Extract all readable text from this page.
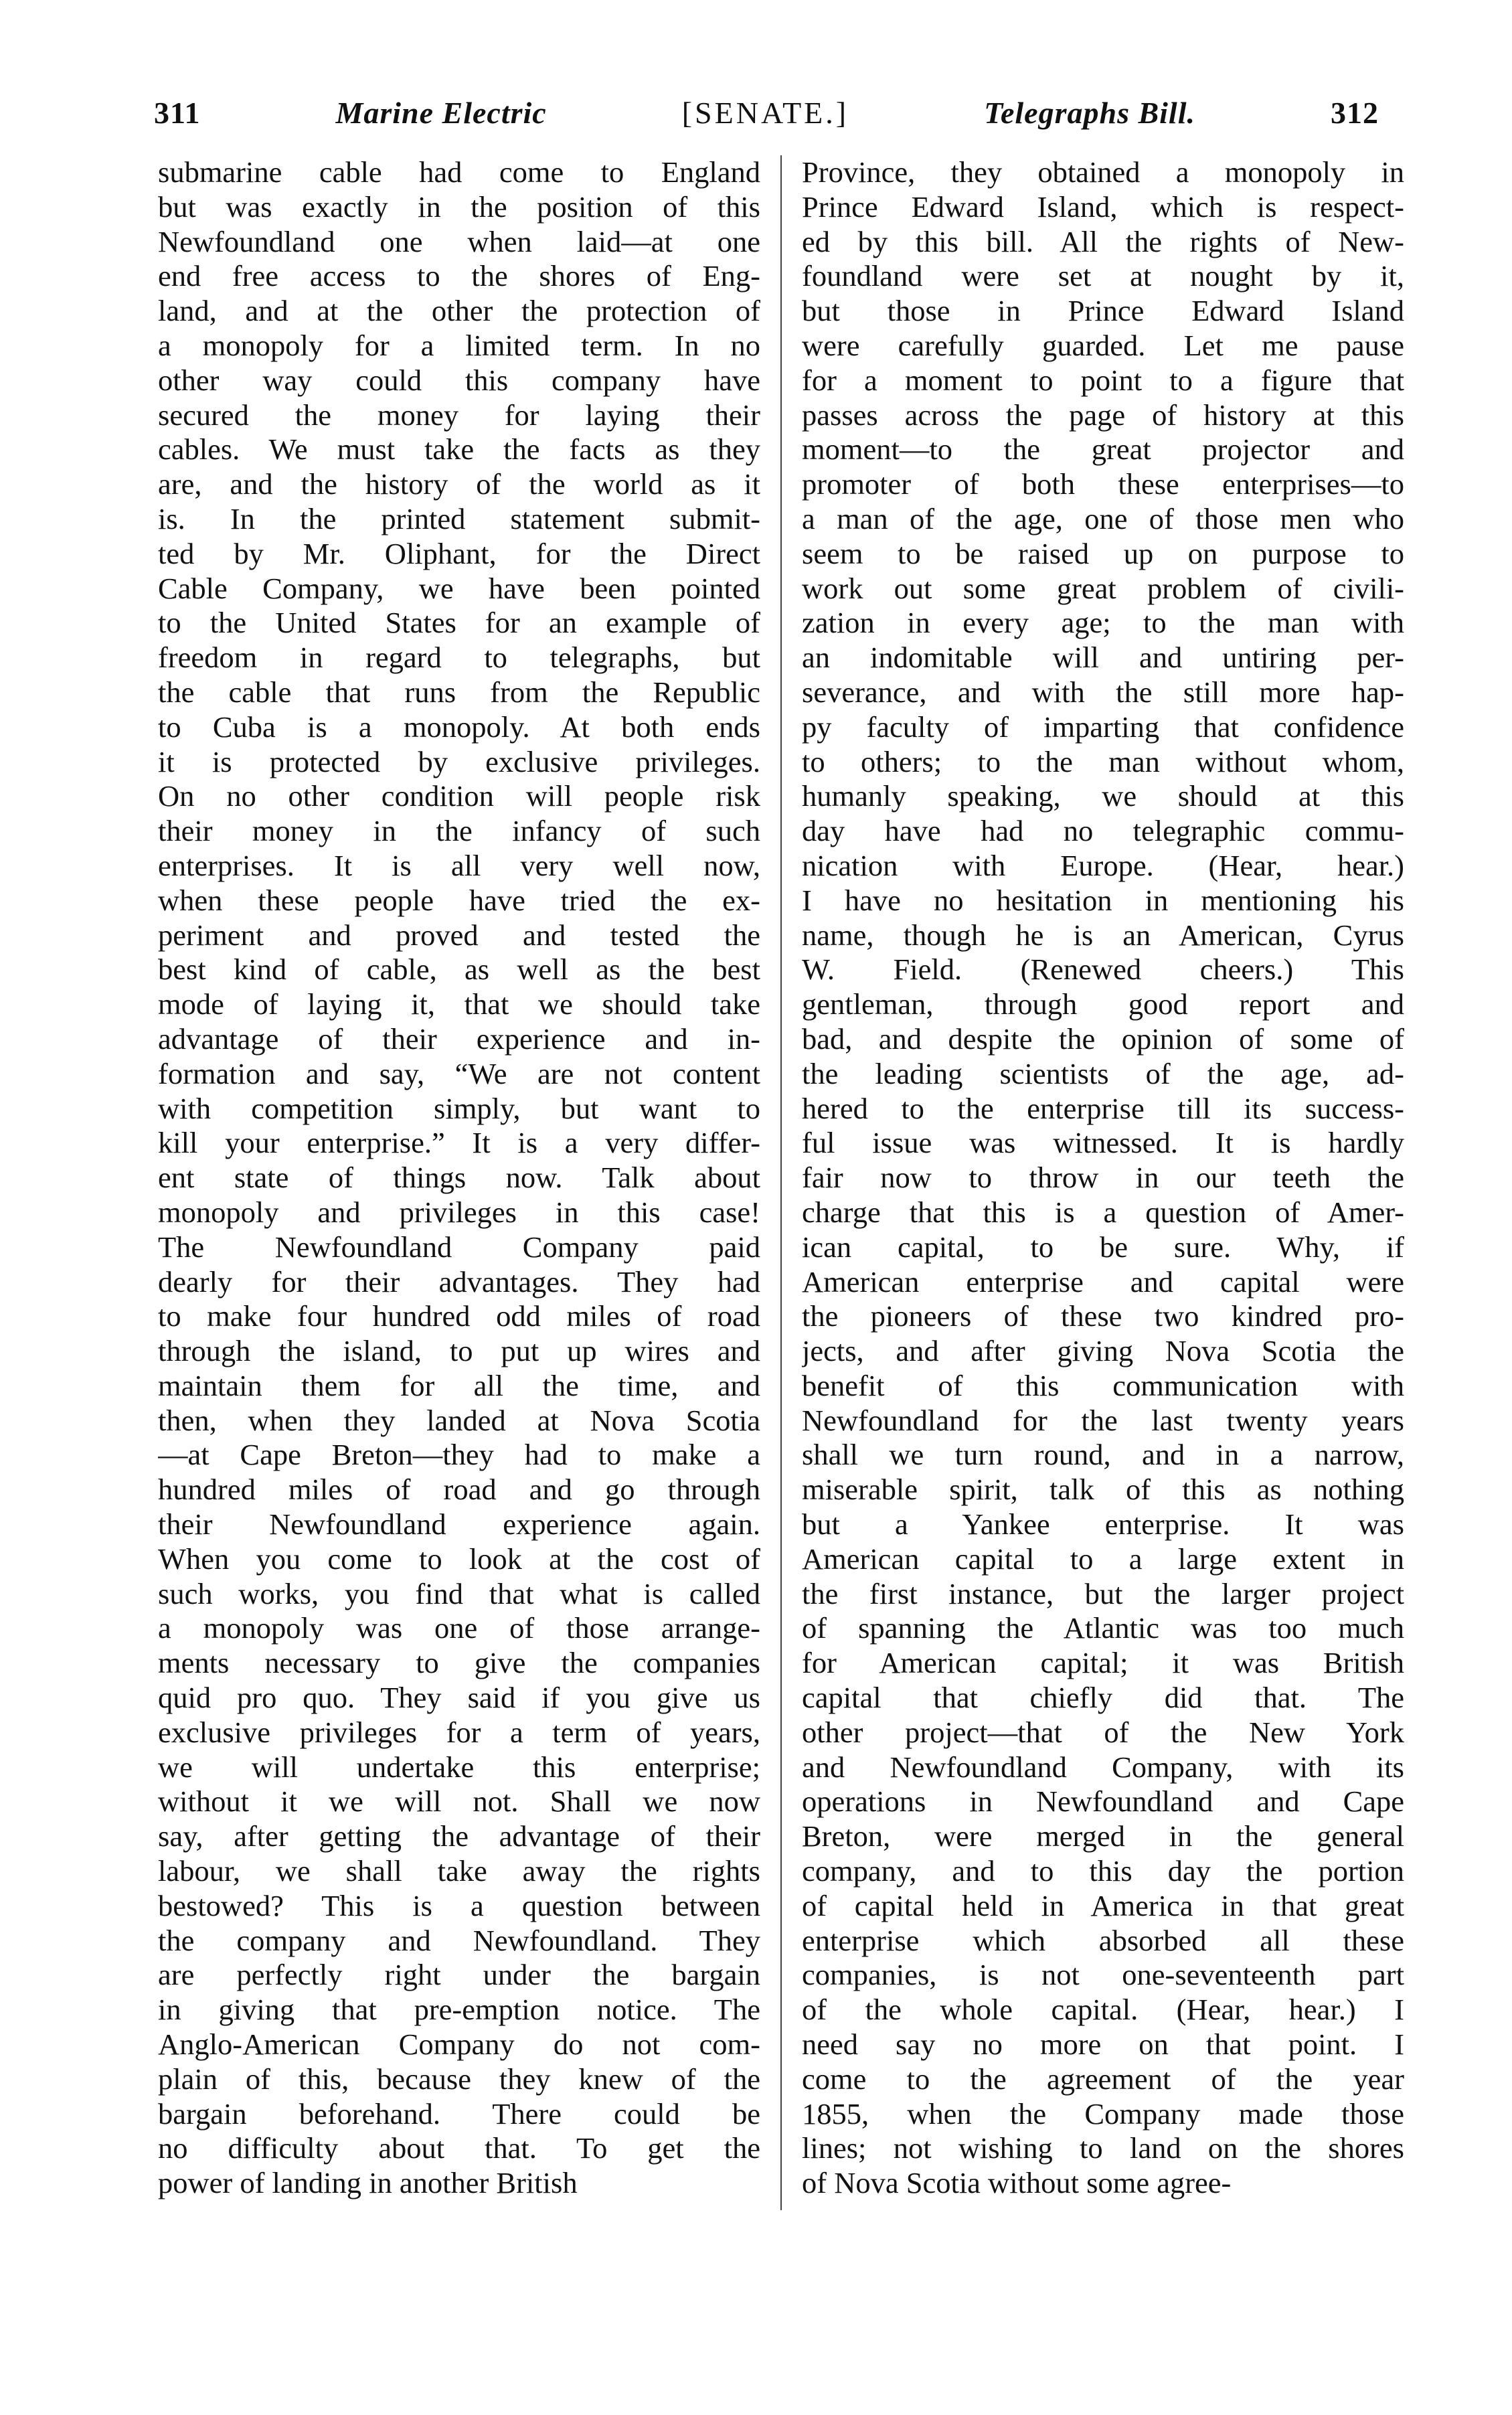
311	Marine Electric	[SENATE.]	Telegraphs Bill.	312
submarine cable had come to England
but was exactly in the position of this
Newfoundland one when laid—at one
end free access to the shores of Eng-
land, and at the other the protection of
a monopoly for a limited term. In no
other way could this company have
secured the money for laying their
cables. We must take the facts as they
are, and the history of the world as it
is. In the printed statement submit-
ted by Mr. Oliphant, for the Direct
Cable Company, we have been pointed
to the United States for an example of
freedom in regard to telegraphs, but
the cable that runs from the Republic
to Cuba is a monopoly. At both ends
it is protected by exclusive privileges.
On no other condition will people risk
their money in the infancy of such
enterprises. It is all very well now,
when these people have tried the ex-
periment and proved and tested the
best kind of cable, as well as the best
mode of laying it, that we should take
advantage of their experience and in-
formation and say, “We are not content
with competition simply, but want to
kill your enterprise.” It is a very differ-
ent state of things now. Talk about
monopoly and privileges in this case!
The Newfoundland Company paid
dearly for their advantages. They had
to make four hundred odd miles of road
through the island, to put up wires and
maintain them for all the time, and
then, when they landed at Nova Scotia
—at Cape Breton—they had to make a
hundred miles of road and go through
their Newfoundland experience again.
When you come to look at the cost of
such works, you find that what is called
a monopoly was one of those arrange-
ments necessary to give the companies
quid pro quo. They said if you give us
exclusive privileges for a term of years,
we will undertake this enterprise;
without it we will not. Shall we now
say, after getting the advantage of their
labour, we shall take away the rights
bestowed? This is a question between
the company and Newfoundland. They
are perfectly right under the bargain
in giving that pre-emption notice. The
Anglo-American Company do not com-
plain of this, because they knew of the
bargain beforehand. There could be
no difficulty about that. To get the
power of landing in another British
Province, they obtained a monopoly in
Prince Edward Island, which is respect-
ed by this bill. All the rights of New-
foundland were set at nought by it,
but those in Prince Edward Island
were carefully guarded. Let me pause
for a moment to point to a figure that
passes across the page of history at this
moment—to the great projector and
promoter of both these enterprises—to
a man of the age, one of those men who
seem to be raised up on purpose to
work out some great problem of civili-
zation in every age; to the man with
an indomitable will and untiring per-
severance, and with the still more hap-
py faculty of imparting that confidence
to others; to the man without whom,
humanly speaking, we should at this
day have had no telegraphic commu-
nication with Europe. (Hear, hear.)
I have no hesitation in mentioning his
name, though he is an American, Cyrus
W. Field. (Renewed cheers.) This
gentleman, through good report and
bad, and despite the opinion of some of
the leading scientists of the age, ad-
hered to the enterprise till its success-
ful issue was witnessed. It is hardly
fair now to throw in our teeth the
charge that this is a question of Amer-
ican capital, to be sure. Why, if
American enterprise and capital were
the pioneers of these two kindred pro-
jects, and after giving Nova Scotia the
benefit of this communication with
Newfoundland for the last twenty years
shall we turn round, and in a narrow,
miserable spirit, talk of this as nothing
but a Yankee enterprise. It was
American capital to a large extent in
the first instance, but the larger project
of spanning the Atlantic was too much
for American capital; it was British
capital that chiefly did that. The
other project—that of the New York
and Newfoundland Company, with its
operations in Newfoundland and Cape
Breton, were merged in the general
company, and to this day the portion
of capital held in America in that great
enterprise which absorbed all these
companies, is not one-seventeenth part
of the whole capital. (Hear, hear.) I
need say no more on that point. I
come to the agreement of the year
1855, when the Company made those
lines; not wishing to land on the shores
of Nova Scotia without some agree-
